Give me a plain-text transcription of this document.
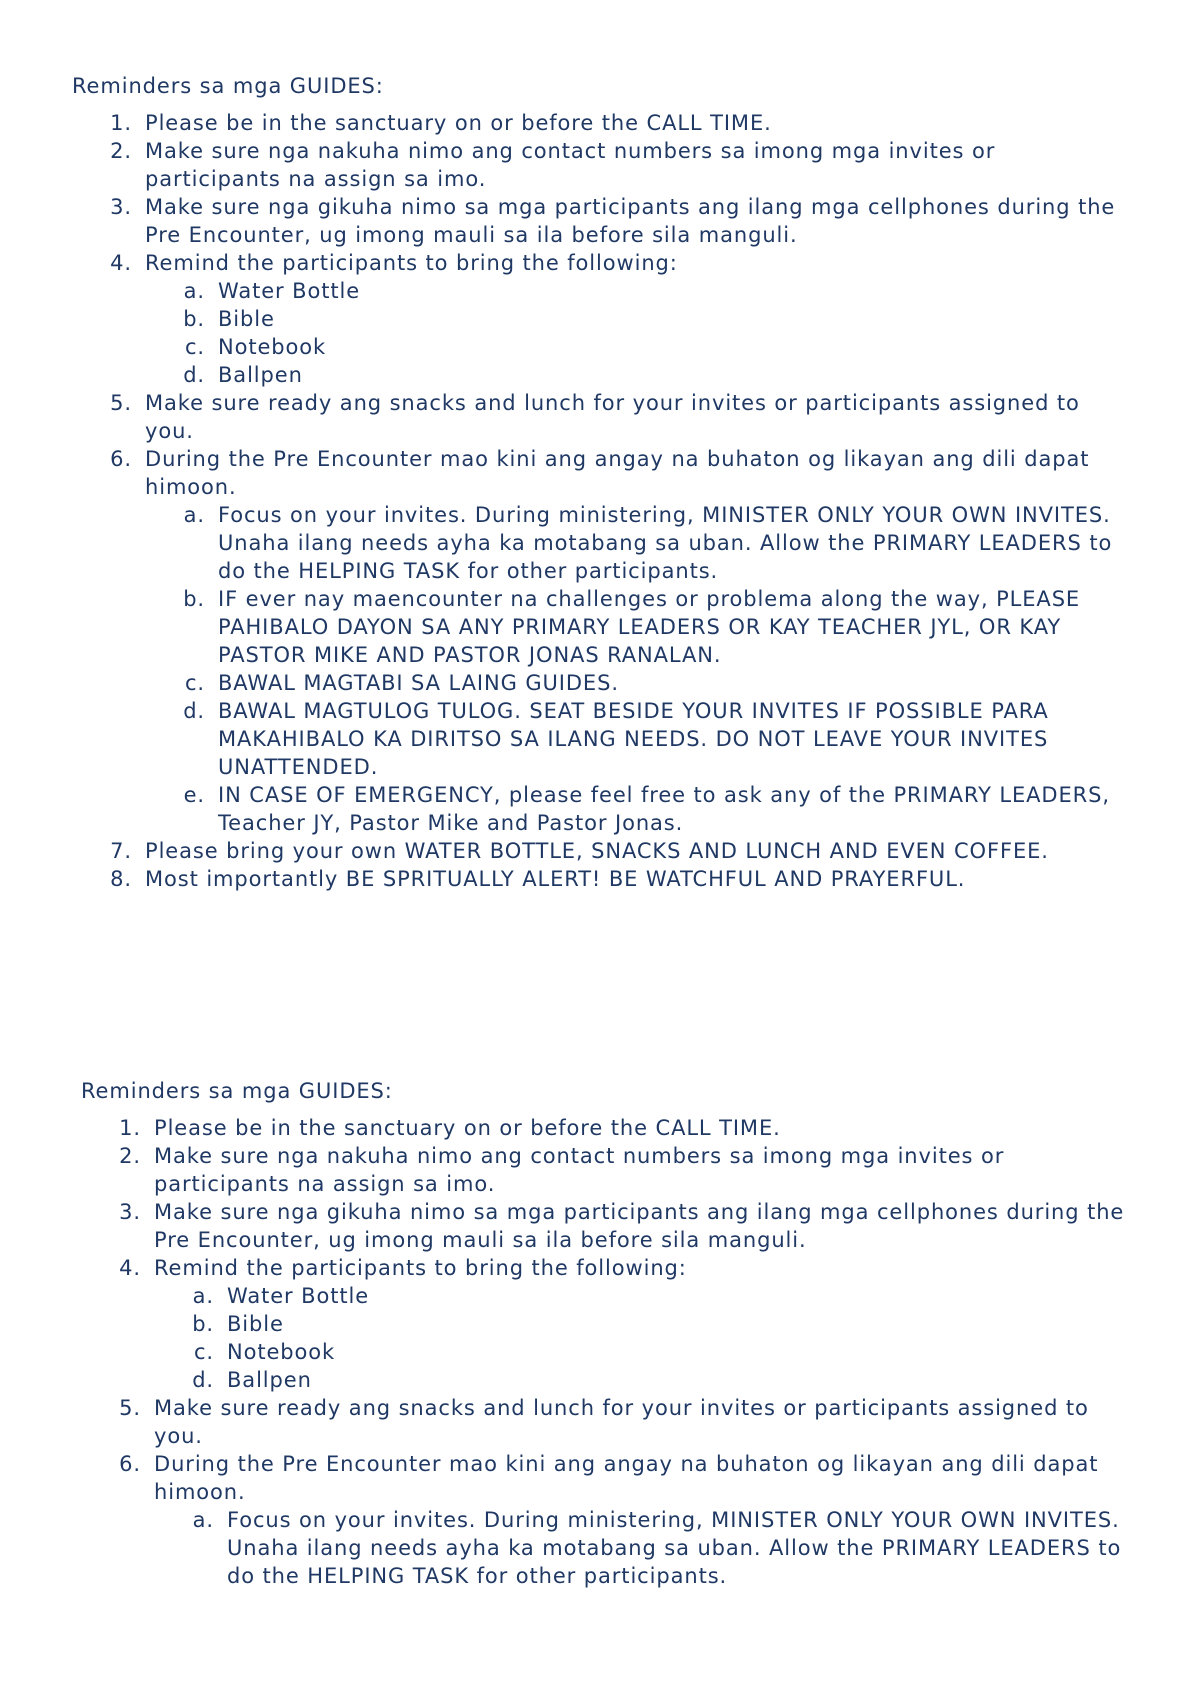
Reminders sa mga GUIDES:
1. Please be in the sanctuary on or before the CALL TIME.
2. Make sure nga nakuha nimo ang contact numbers sa imong mga invites or participants na assign sa imo.
3. Make sure nga gikuha nimo sa mga participants ang ilang mga cellphones during the Pre Encounter, ug imong mauli sa ila before sila manguli.
4. Remind the participants to bring the following:
a. Water Bottle
b. Bible
c. Notebook
d. Ballpen
5. Make sure ready ang snacks and lunch for your invites or participants assigned to you.
6. During the Pre Encounter mao kini ang angay na buhaton og likayan ang dili dapat himoon.
a. Focus on your invites. During ministering, MINISTER ONLY YOUR OWN INVITES. Unaha ilang needs ayha ka motabang sa uban. Allow the PRIMARY LEADERS to do the HELPING TASK for other participants.
b. IF ever nay maencounter na challenges or problema along the way, PLEASE PAHIBALO DAYON SA ANY PRIMARY LEADERS OR KAY TEACHER JYL, OR KAY PASTOR MIKE AND PASTOR JONAS RANALAN.
c. BAWAL MAGTABI SA LAING GUIDES.
d. BAWAL MAGTULOG TULOG. SEAT BESIDE YOUR INVITES IF POSSIBLE PARA MAKAHIBALO KA DIRITSO SA ILANG NEEDS. DO NOT LEAVE YOUR INVITES UNATTENDED.
e. IN CASE OF EMERGENCY, please feel free to ask any of the PRIMARY LEADERS, Teacher JY, Pastor Mike and Pastor Jonas.
7. Please bring your own WATER BOTTLE, SNACKS AND LUNCH AND EVEN COFFEE.
8. Most importantly BE SPRITUALLY ALERT! BE WATCHFUL AND PRAYERFUL.
Reminders sa mga GUIDES:
1. Please be in the sanctuary on or before the CALL TIME.
2. Make sure nga nakuha nimo ang contact numbers sa imong mga invites or participants na assign sa imo.
3. Make sure nga gikuha nimo sa mga participants ang ilang mga cellphones during the Pre Encounter, ug imong mauli sa ila before sila manguli.
4. Remind the participants to bring the following:
a. Water Bottle
b. Bible
c. Notebook
d. Ballpen
5. Make sure ready ang snacks and lunch for your invites or participants assigned to you.
6. During the Pre Encounter mao kini ang angay na buhaton og likayan ang dili dapat himoon.
a. Focus on your invites. During ministering, MINISTER ONLY YOUR OWN INVITES. Unaha ilang needs ayha ka motabang sa uban. Allow the PRIMARY LEADERS to do the HELPING TASK for other participants.
